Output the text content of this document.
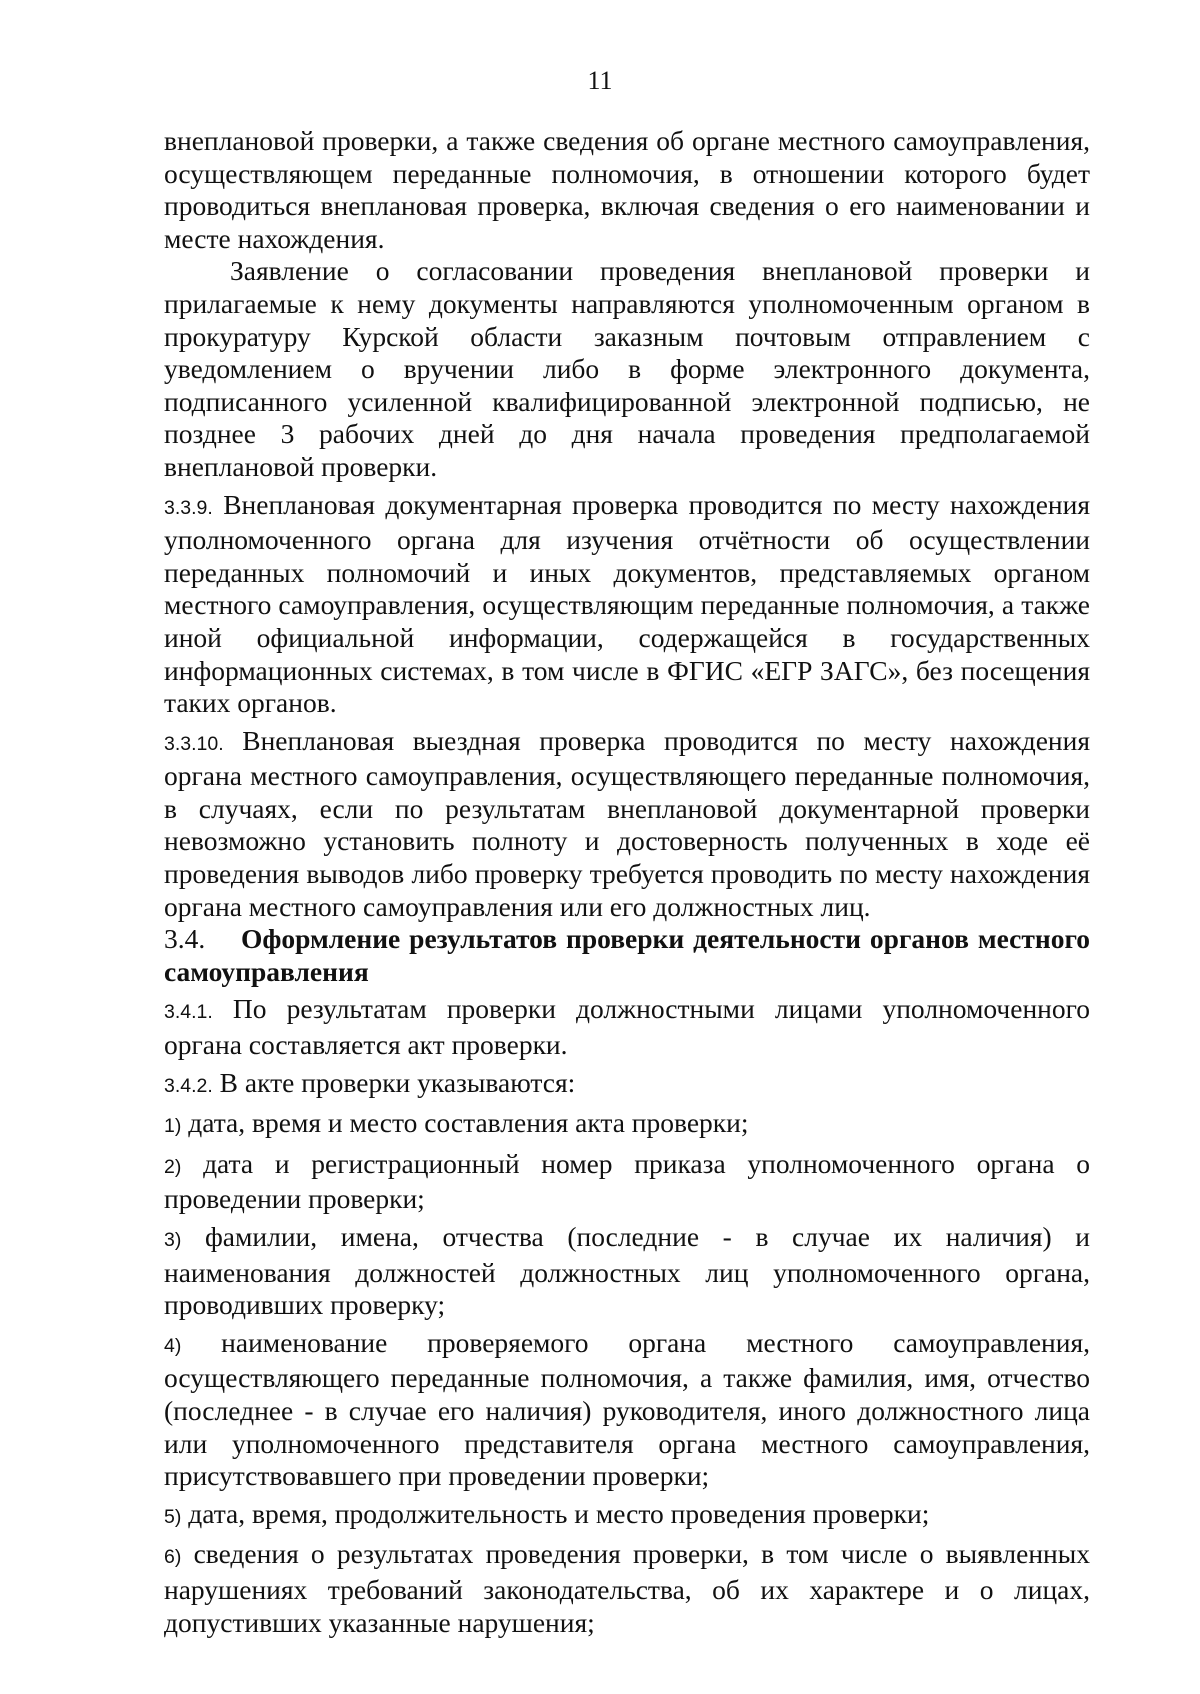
11

внеплановой проверки, а также сведения об органе местного самоуправления, осуществляющем переданные полномочия, в отношении которого будет проводиться внеплановая проверка, включая сведения о его наименовании и месте нахождения.

Заявление о согласовании проведения внеплановой проверки и прилагаемые к нему документы направляются уполномоченным органом в прокуратуру Курской области заказным почтовым отправлением с уведомлением о вручении либо в форме электронного документа, подписанного усиленной квалифицированной электронной подписью, не позднее 3 рабочих дней до дня начала проведения предполагаемой внеплановой проверки.

3.3.9. Внеплановая документарная проверка проводится по месту нахождения уполномоченного органа для изучения отчётности об осуществлении переданных полномочий и иных документов, представляемых органом местного самоуправления, осуществляющим переданные полномочия, а также иной официальной информации, содержащейся в государственных информационных системах, в том числе в ФГИС «ЕГР ЗАГС», без посещения таких органов.

3.3.10. Внеплановая выездная проверка проводится по месту нахождения органа местного самоуправления, осуществляющего переданные полномочия, в случаях, если по результатам внеплановой документарной проверки невозможно установить полноту и достоверность полученных в ходе её проведения выводов либо проверку требуется проводить по месту нахождения органа местного самоуправления или его должностных лиц.

3.4. Оформление результатов проверки деятельности органов местного самоуправления

3.4.1. По результатам проверки должностными лицами уполномоченного органа составляется акт проверки.

3.4.2. В акте проверки указываются:

1) дата, время и место составления акта проверки;

2) дата и регистрационный номер приказа уполномоченного органа о проведении проверки;

3) фамилии, имена, отчества (последние - в случае их наличия) и наименования должностей должностных лиц уполномоченного органа, проводивших проверку;

4) наименование проверяемого органа местного самоуправления, осуществляющего переданные полномочия, а также фамилия, имя, отчество (последнее - в случае его наличия) руководителя, иного должностного лица или уполномоченного представителя органа местного самоуправления, присутствовавшего при проведении проверки;

5) дата, время, продолжительность и место проведения проверки;

6) сведения о результатах проведения проверки, в том числе о выявленных нарушениях требований законодательства, об их характере и о лицах, допустивших указанные нарушения;
